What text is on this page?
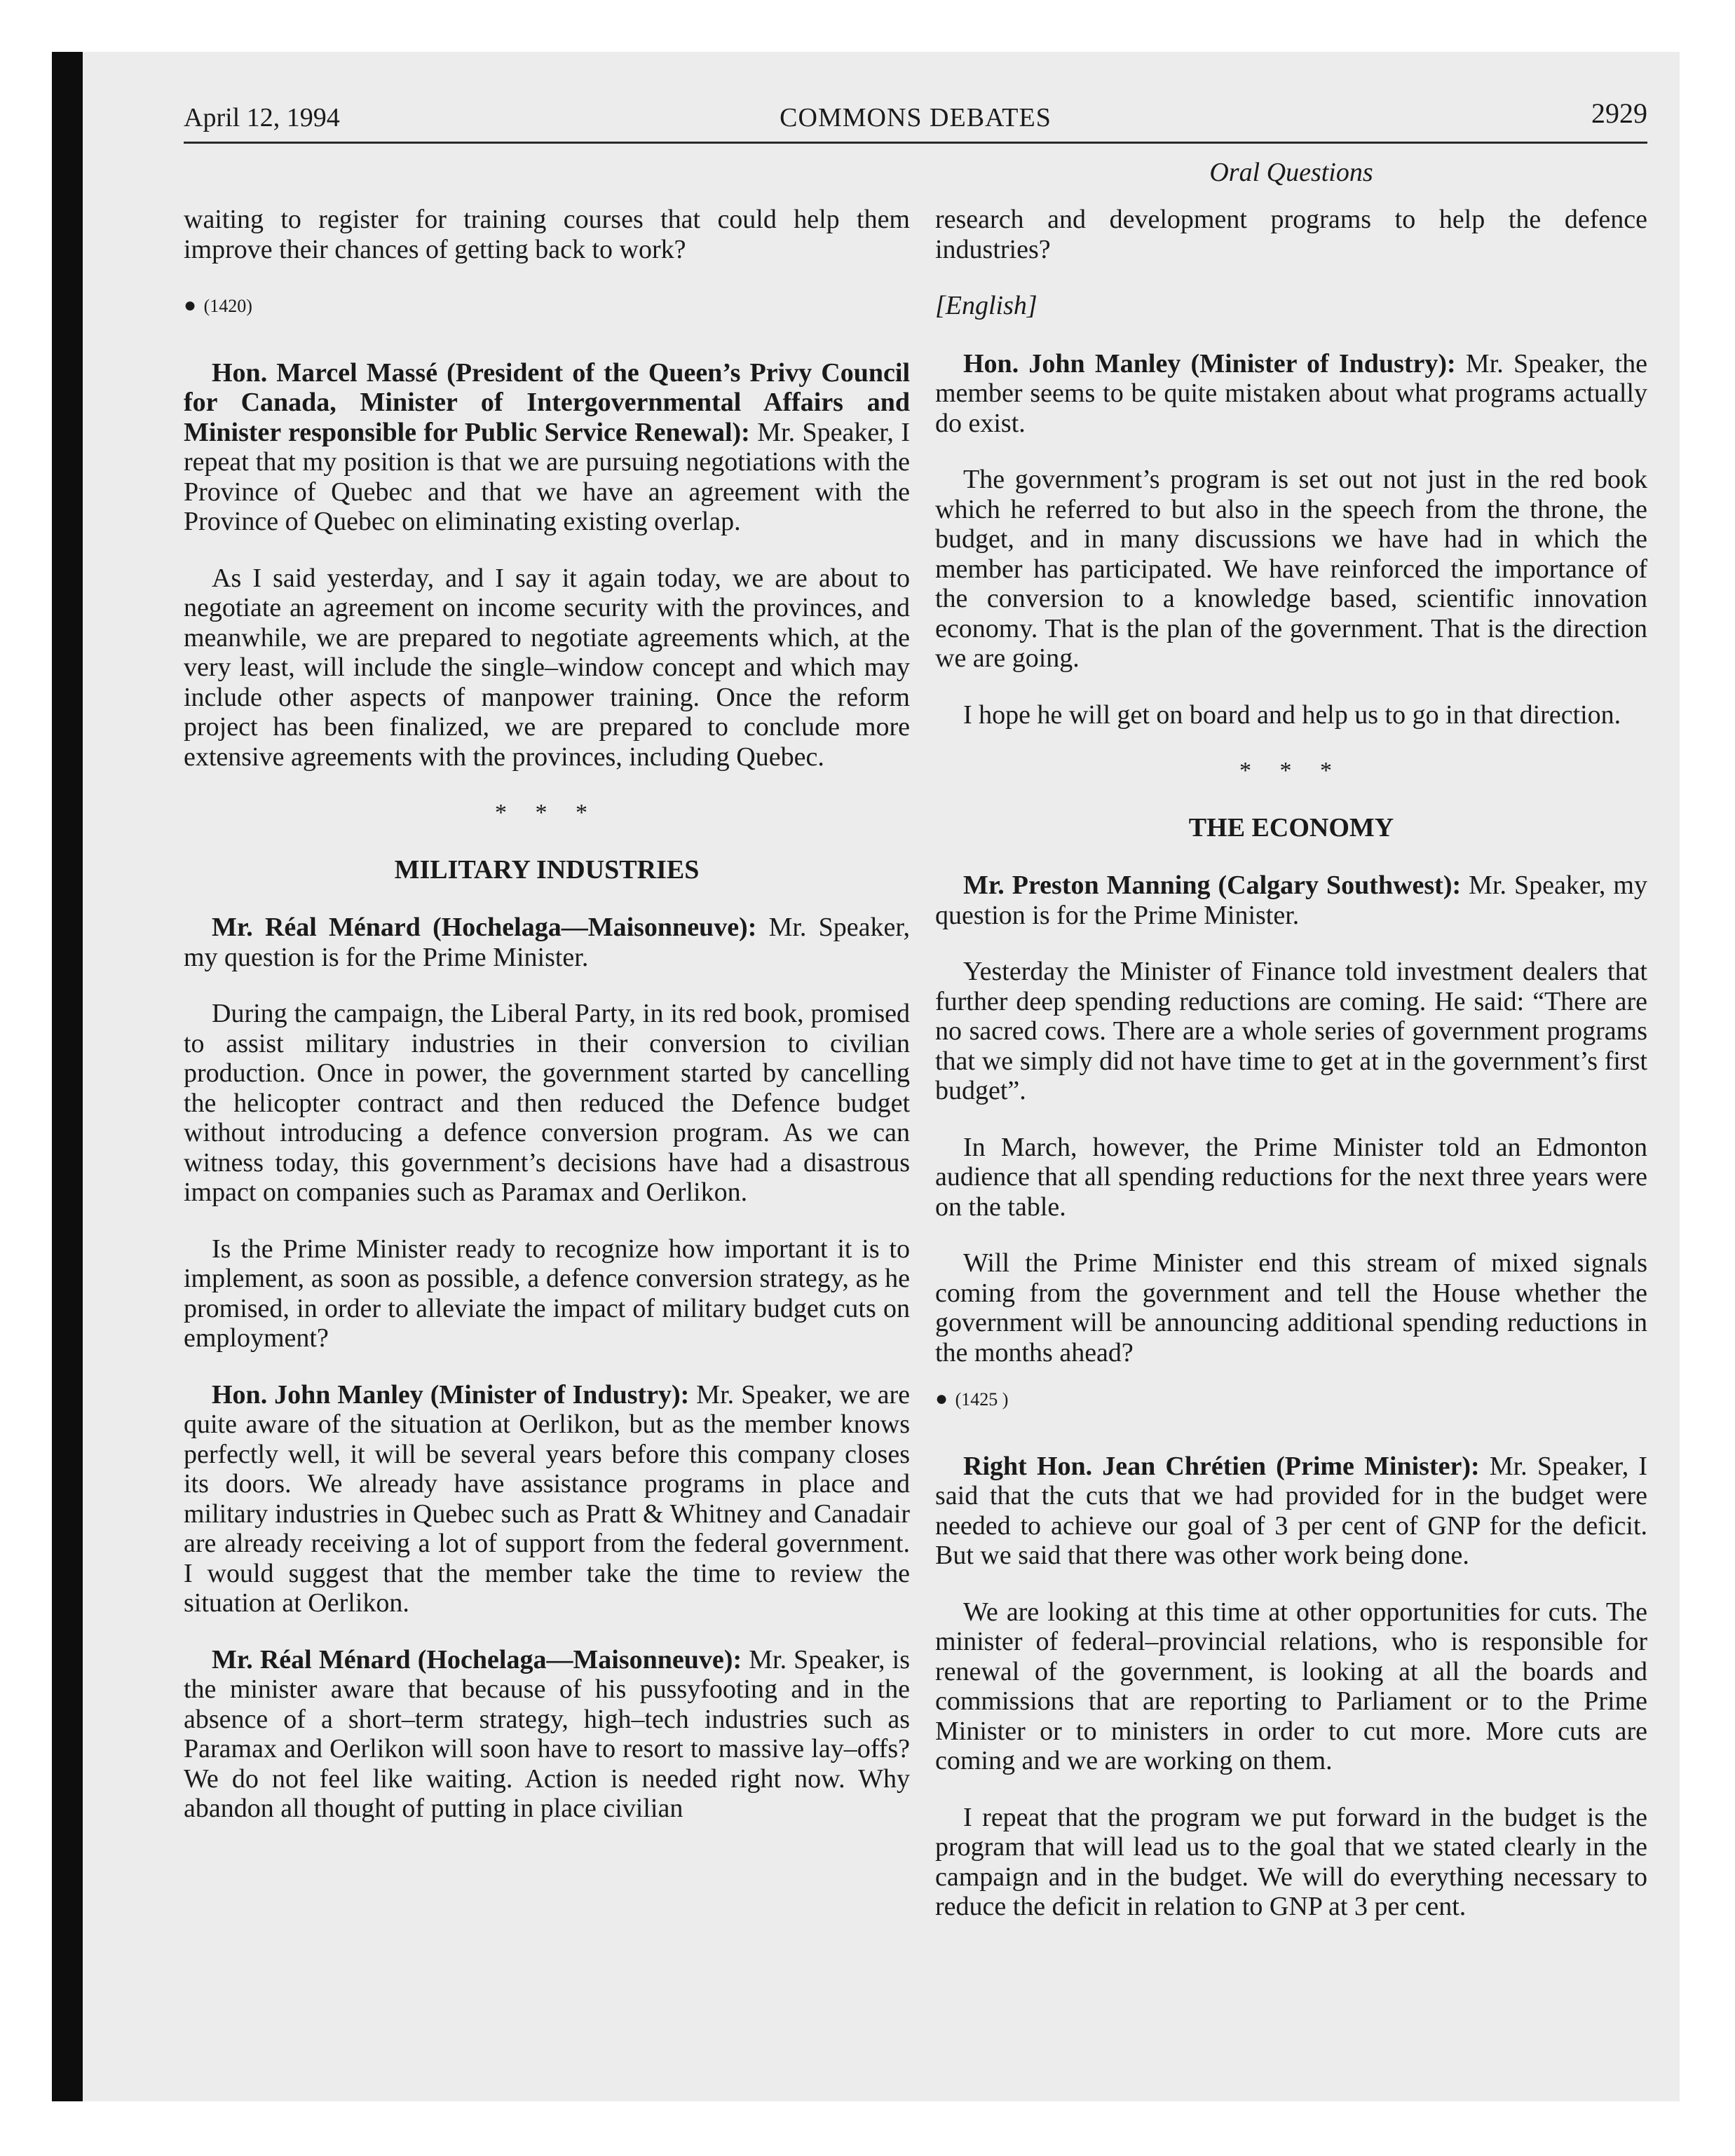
April 12, 1994	COMMONS DEBATES	2929
Oral Questions

waiting to register for training courses that could help them improve their chances of getting back to work?

● (1420)

Hon. Marcel Massé (President of the Queen’s Privy Council for Canada, Minister of Intergovernmental Affairs and Minister responsible for Public Service Renewal): Mr. Speaker, I repeat that my position is that we are pursuing negotiations with the Province of Quebec and that we have an agreement with the Province of Quebec on eliminating existing overlap.

As I said yesterday, and I say it again today, we are about to negotiate an agreement on income security with the provinces, and meanwhile, we are prepared to negotiate agreements which, at the very least, will include the single–window concept and which may include other aspects of manpower training. Once the reform project has been finalized, we are prepared to conclude more extensive agreements with the provinces, including Quebec.

* * *
MILITARY INDUSTRIES

Mr. Réal Ménard (Hochelaga—Maisonneuve): Mr. Speaker, my question is for the Prime Minister.

During the campaign, the Liberal Party, in its red book, promised to assist military industries in their conversion to civilian production. Once in power, the government started by cancelling the helicopter contract and then reduced the Defence budget without introducing a defence conversion program. As we can witness today, this government’s decisions have had a disastrous impact on companies such as Paramax and Oerlikon.

Is the Prime Minister ready to recognize how important it is to implement, as soon as possible, a defence conversion strategy, as he promised, in order to alleviate the impact of military budget cuts on employment?

Hon. John Manley (Minister of Industry): Mr. Speaker, we are quite aware of the situation at Oerlikon, but as the member knows perfectly well, it will be several years before this company closes its doors. We already have assistance programs in place and military industries in Quebec such as Pratt & Whitney and Canadair are already receiving a lot of support from the federal government. I would suggest that the member take the time to review the situation at Oerlikon.

Mr. Réal Ménard (Hochelaga—Maisonneuve): Mr. Speaker, is the minister aware that because of his pussyfooting and in the absence of a short–term strategy, high–tech industries such as Paramax and Oerlikon will soon have to resort to massive lay–offs? We do not feel like waiting. Action is needed right now. Why abandon all thought of putting in place civilian

research and development programs to help the defence industries?

[English]

Hon. John Manley (Minister of Industry): Mr. Speaker, the member seems to be quite mistaken about what programs actually do exist.

The government’s program is set out not just in the red book which he referred to but also in the speech from the throne, the budget, and in many discussions we have had in which the member has participated. We have reinforced the importance of the conversion to a knowledge based, scientific innovation economy. That is the plan of the government. That is the direction we are going.

I hope he will get on board and help us to go in that direction.

* * *
THE ECONOMY

Mr. Preston Manning (Calgary Southwest): Mr. Speaker, my question is for the Prime Minister.

Yesterday the Minister of Finance told investment dealers that further deep spending reductions are coming. He said: “There are no sacred cows. There are a whole series of government programs that we simply did not have time to get at in the government’s first budget”.

In March, however, the Prime Minister told an Edmonton audience that all spending reductions for the next three years were on the table.

Will the Prime Minister end this stream of mixed signals coming from the government and tell the House whether the government will be announcing additional spending reductions in the months ahead?

● (1425 )

Right Hon. Jean Chrétien (Prime Minister): Mr. Speaker, I said that the cuts that we had provided for in the budget were needed to achieve our goal of 3 per cent of GNP for the deficit. But we said that there was other work being done.

We are looking at this time at other opportunities for cuts. The minister of federal–provincial relations, who is responsible for renewal of the government, is looking at all the boards and commissions that are reporting to Parliament or to the Prime Minister or to ministers in order to cut more. More cuts are coming and we are working on them.

I repeat that the program we put forward in the budget is the program that will lead us to the goal that we stated clearly in the campaign and in the budget. We will do everything necessary to reduce the deficit in relation to GNP at 3 per cent.
